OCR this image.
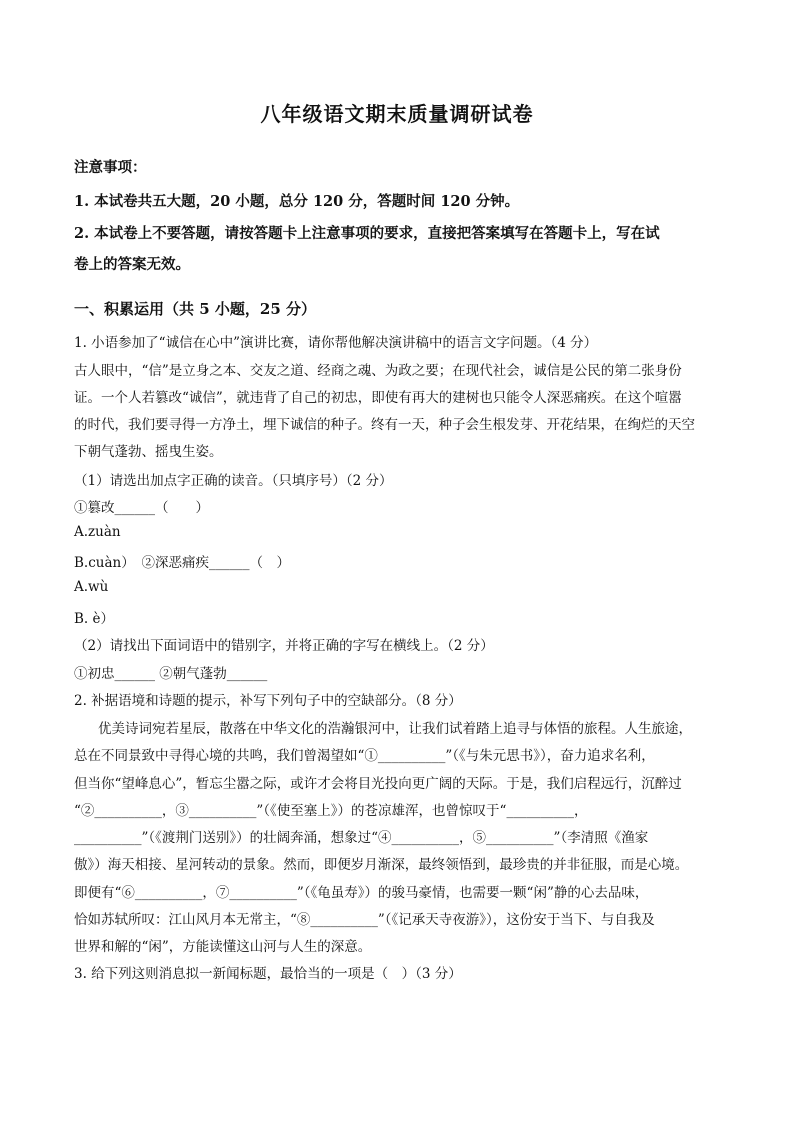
八年级语文期末质量调研试卷
注意事项：
1. 本试卷共五大题，20 小题，总分 120 分，答题时间 120 分钟。
2. 本试卷上不要答题，请按答题卡上注意事项的要求，直接把答案填写在答题卡上，写在试
卷上的答案无效。
一、积累运用（共 5 小题，25 分）
1. 小语参加了“诚信在心中”演讲比赛，请你帮他解决演讲稿中的语言文字问题。（4 分）
古人眼中，“信”是立身之本、交友之道、经商之魂、为政之要；在现代社会，诚信是公民的第二张身份
证。一个人若篡改“诚信”，就违背了自己的初忠，即使有再大的建树也只能令人深恶痛疾。在这个喧嚣
的时代，我们要寻得一方净土，埋下诚信的种子。终有一天，种子会生根发芽、开花结果，在绚烂的天空
下朝气蓬勃、摇曳生姿。
（1）请选出加点字正确的读音。（只填序号）（2 分）
①篡改______（　　）
A.zuàn
B.cuàn）　②深恶痛疾______（　）
A.wù
B. è）
（2）请找出下面词语中的错别字，并将正确的字写在横线上。（2 分）
①初忠______ ②朝气蓬勃______
2. 补据语境和诗题的提示，补写下列句子中的空缺部分。（8 分）
优美诗词宛若星辰，散落在中华文化的浩瀚银河中，让我们试着踏上追寻与体悟的旅程。人生旅途，
总在不同景致中寻得心境的共鸣，我们曾渴望如“①__________”（《与朱元思书》），奋力追求名利，
但当你“望峰息心”，暂忘尘嚣之际，或许才会将目光投向更广阔的天际。于是，我们启程远行，沉醉过
“②__________，③__________”（《使至塞上》）的苍凉雄浑，也曾惊叹于“__________，
__________”（《渡荆门送别》）的壮阔奔涌，想象过“④__________，⑤__________”（李清照《渔家
傲》）海天相接、星河转动的景象。然而，即便岁月渐深，最终领悟到，最珍贵的并非征服，而是心境。
即便有“⑥__________，⑦__________”（《龟虽寿》）的骏马豪情，也需要一颗“闲”静的心去品味，
恰如苏轼所叹：江山风月本无常主，“⑧__________”（《记承天寺夜游》），这份安于当下、与自我及
世界和解的“闲”，方能读懂这山河与人生的深意。
3. 给下列这则消息拟一新闻标题，最恰当的一项是（　）（3 分）
